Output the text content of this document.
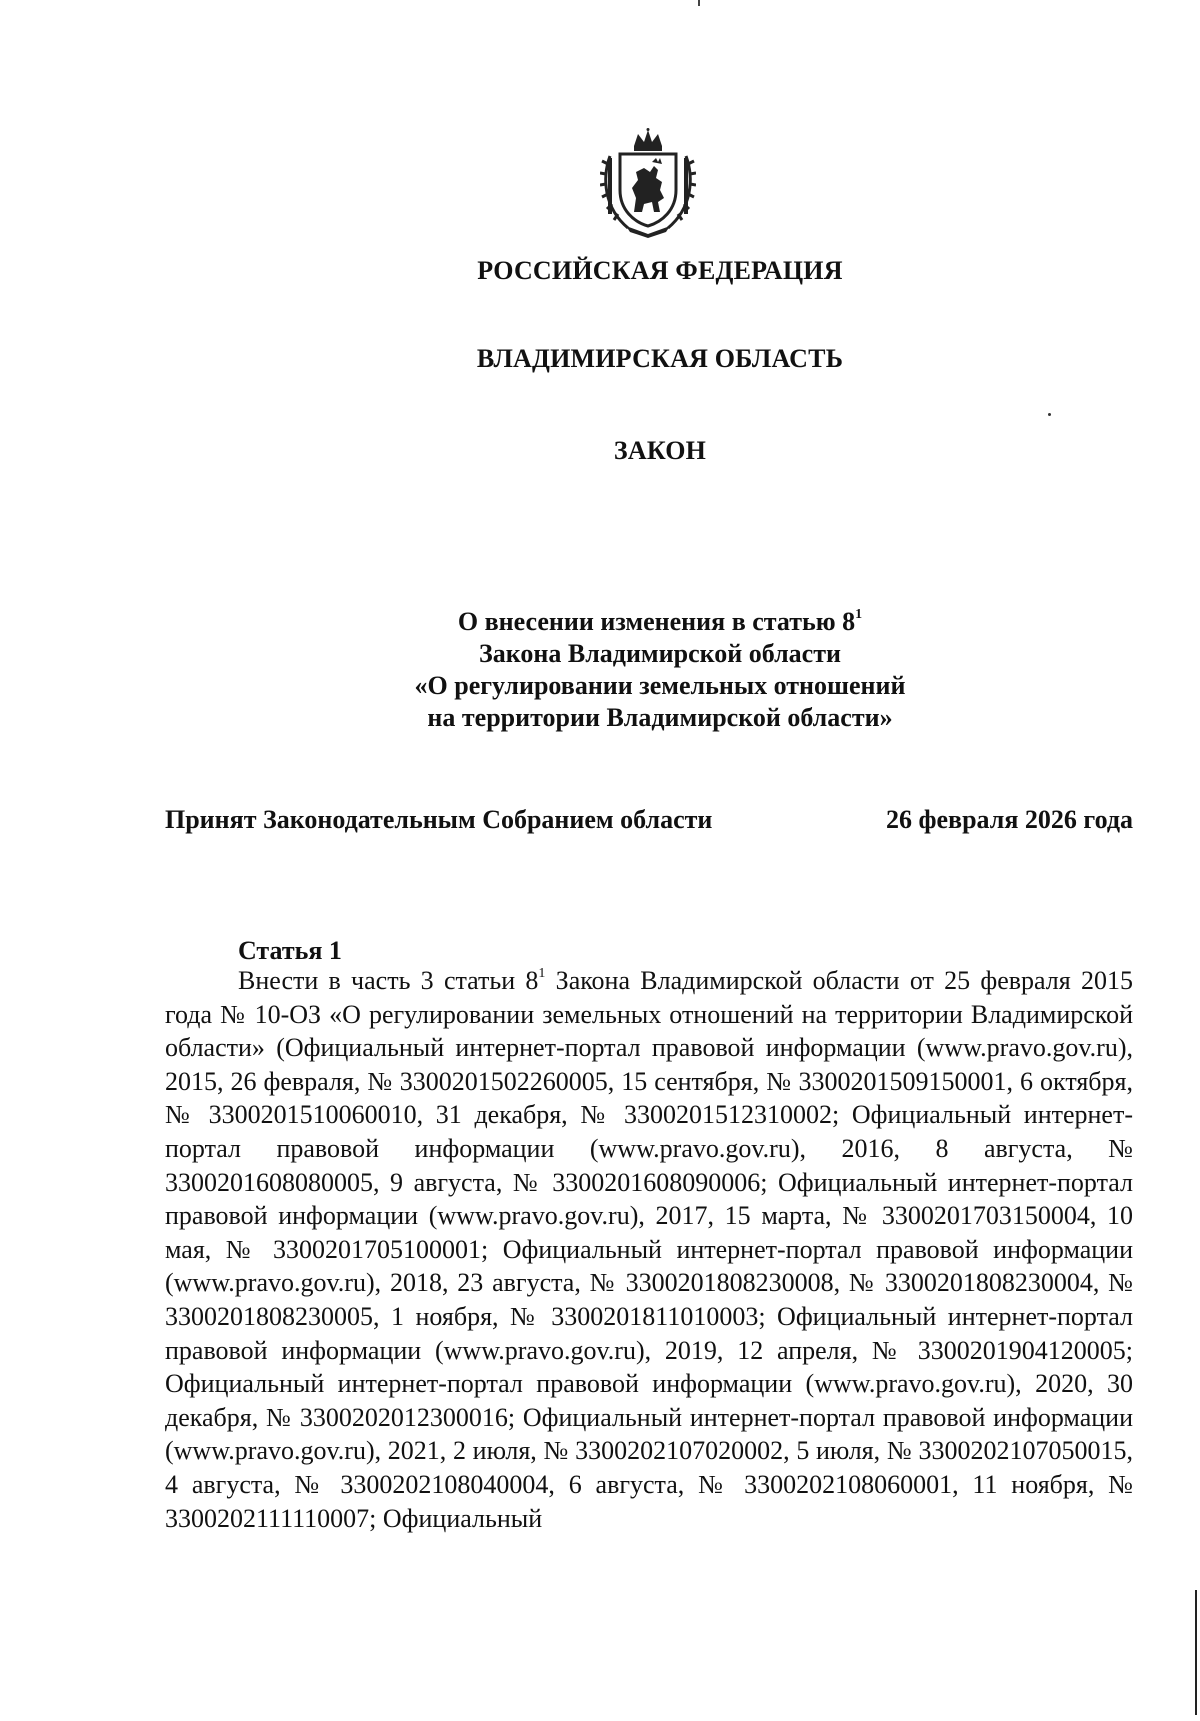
РОССИЙСКАЯ ФЕДЕРАЦИЯ
ВЛАДИМИРСКАЯ ОБЛАСТЬ
ЗАКОН
О внесении изменения в статью $8^1$
Закона Владимирской области
«О регулировании земельных отношений
на территории Владимирской области»
Принят Законодательным Собранием области	26 февраля 2026 года
Статья 1

Внести в часть 3 статьи $8^1$ Закона Владимирской области от 25 февраля 2015 года № 10-ОЗ «О регулировании земельных отношений на территории Владимирской области» (Официальный интернет-портал правовой информации (www.pravo.gov.ru), 2015, 26 февраля, № 3300201502260005, 15 сентября, № 3300201509150001, 6 октября, № 3300201510060010, 31 декабря, № 3300201512310002; Официальный интернет-портал правовой информации (www.pravo.gov.ru), 2016, 8 августа, № 3300201608080005, 9 августа, № 3300201608090006; Официальный интернет-портал правовой информации (www.pravo.gov.ru), 2017, 15 марта, № 3300201703150004, 10 мая, № 3300201705100001; Официальный интернет-портал правовой информации (www.pravo.gov.ru), 2018, 23 августа, № 3300201808230008, № 3300201808230004, № 3300201808230005, 1 ноября, № 3300201811010003; Официальный интернет-портал правовой информации (www.pravo.gov.ru), 2019, 12 апреля, № 3300201904120005; Официальный интернет-портал правовой информации (www.pravo.gov.ru), 2020, 30 декабря, № 3300202012300016; Официальный интернет-портал правовой информации (www.pravo.gov.ru), 2021, 2 июля, № 3300202107020002, 5 июля, № 3300202107050015, 4 августа, № 3300202108040004, 6 августа, № 3300202108060001, 11 ноября, № 3300202111110007; Официальный
